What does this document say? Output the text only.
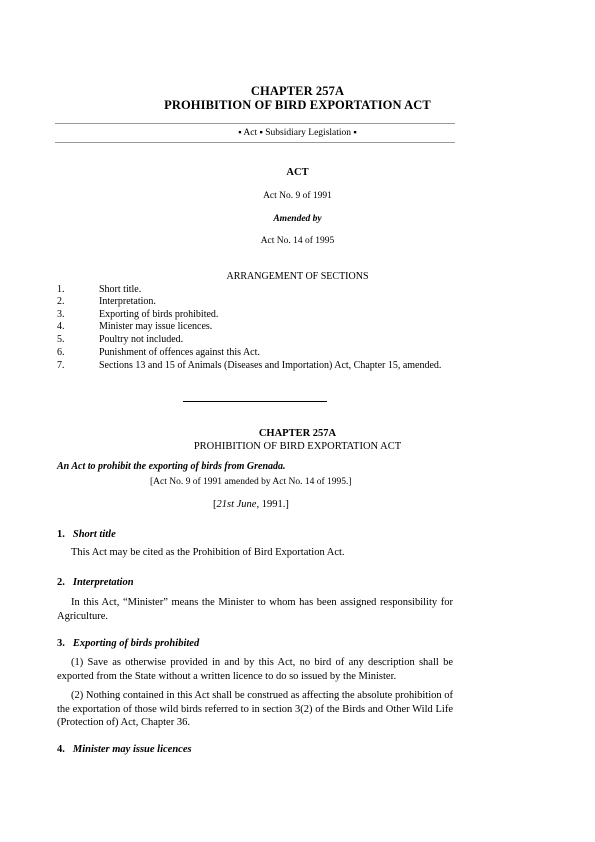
CHAPTER 257A
PROHIBITION OF BIRD EXPORTATION ACT
▪ Act ▪ Subsidiary Legislation ▪
ACT
Act No. 9 of 1991
Amended by
Act No. 14 of 1995
ARRANGEMENT OF SECTIONS
1.	Short title.
2.	Interpretation.
3.	Exporting of birds prohibited.
4.	Minister may issue licences.
5.	Poultry not included.
6.	Punishment of offences against this Act.
7.	Sections 13 and 15 of Animals (Diseases and Importation) Act, Chapter 15, amended.
CHAPTER 257A
PROHIBITION OF BIRD EXPORTATION ACT
An Act to prohibit the exporting of birds from Grenada.
[Act No. 9 of 1991 amended by Act No. 14 of 1995.]
[21st June, 1991.]
1. Short title
This Act may be cited as the Prohibition of Bird Exportation Act.
2. Interpretation
In this Act, “Minister” means the Minister to whom has been assigned responsibility for Agriculture.
3. Exporting of birds prohibited
(1) Save as otherwise provided in and by this Act, no bird of any description shall be exported from the State without a written licence to do so issued by the Minister.
(2) Nothing contained in this Act shall be construed as affecting the absolute prohibition of the exportation of those wild birds referred to in section 3(2) of the Birds and Other Wild Life (Protection of) Act, Chapter 36.
4. Minister may issue licences
